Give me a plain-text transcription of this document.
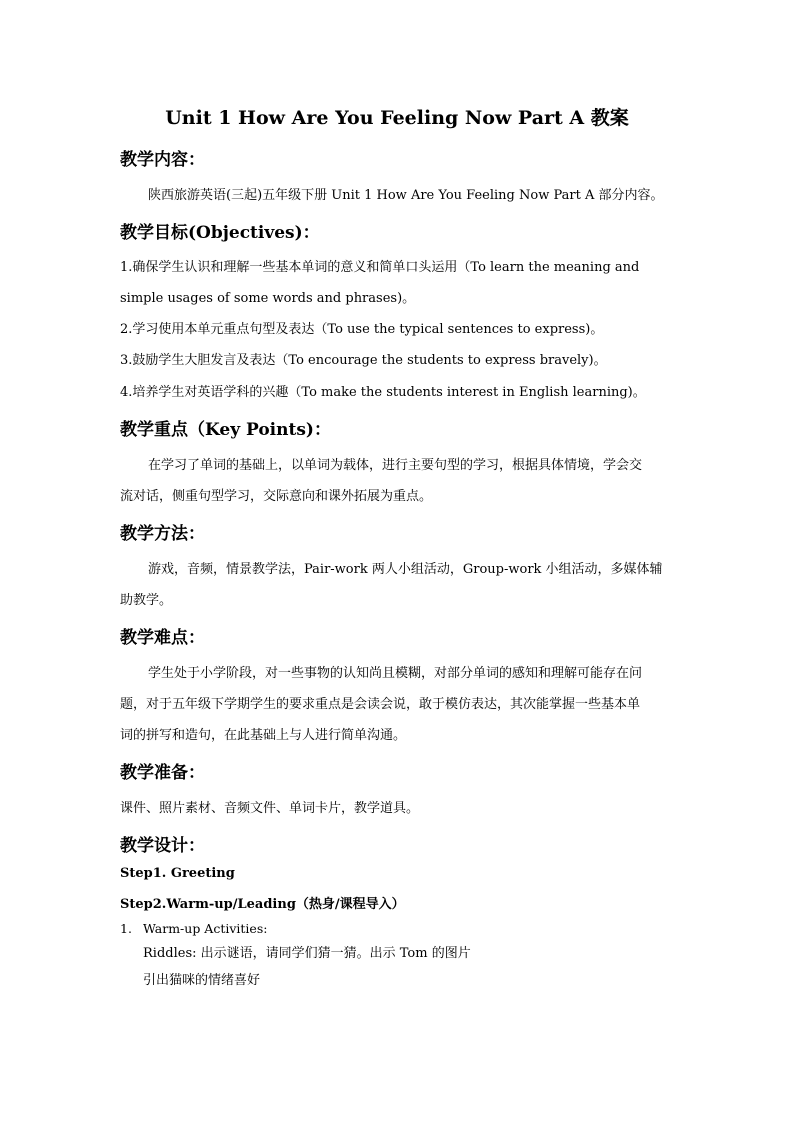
Unit 1 How Are You Feeling Now Part A 教案
教学内容：
陕西旅游英语(三起)五年级下册 Unit 1 How Are You Feeling Now Part A 部分内容。
教学目标(Objectives)：
1.确保学生认识和理解一些基本单词的意义和简单口头运用（To learn the meaning and
simple usages of some words and phrases)。
2.学习使用本单元重点句型及表达（To use the typical sentences to express)。
3.鼓励学生大胆发言及表达（To encourage the students to express bravely)。
4.培养学生对英语学科的兴趣（To make the students interest in English learning)。
教学重点（Key Points)：
在学习了单词的基础上，以单词为载体，进行主要句型的学习，根据具体情境，学会交
流对话，侧重句型学习，交际意向和课外拓展为重点。
教学方法：
游戏，音频，情景教学法，Pair-work 两人小组活动，Group-work 小组活动，多媒体辅
助教学。
教学难点：
学生处于小学阶段，对一些事物的认知尚且模糊，对部分单词的感知和理解可能存在问
题，对于五年级下学期学生的要求重点是会读会说，敢于模仿表达，其次能掌握一些基本单
词的拼写和造句，在此基础上与人进行简单沟通。
教学准备：
课件、照片素材、音频文件、单词卡片，教学道具。
教学设计：
Step1. Greeting
Step2.Warm-up/Leading（热身/课程导入）
1. Warm-up Activities:
Riddles: 出示谜语，请同学们猜一猜。出示 Tom 的图片
引出猫咪的情绪喜好
